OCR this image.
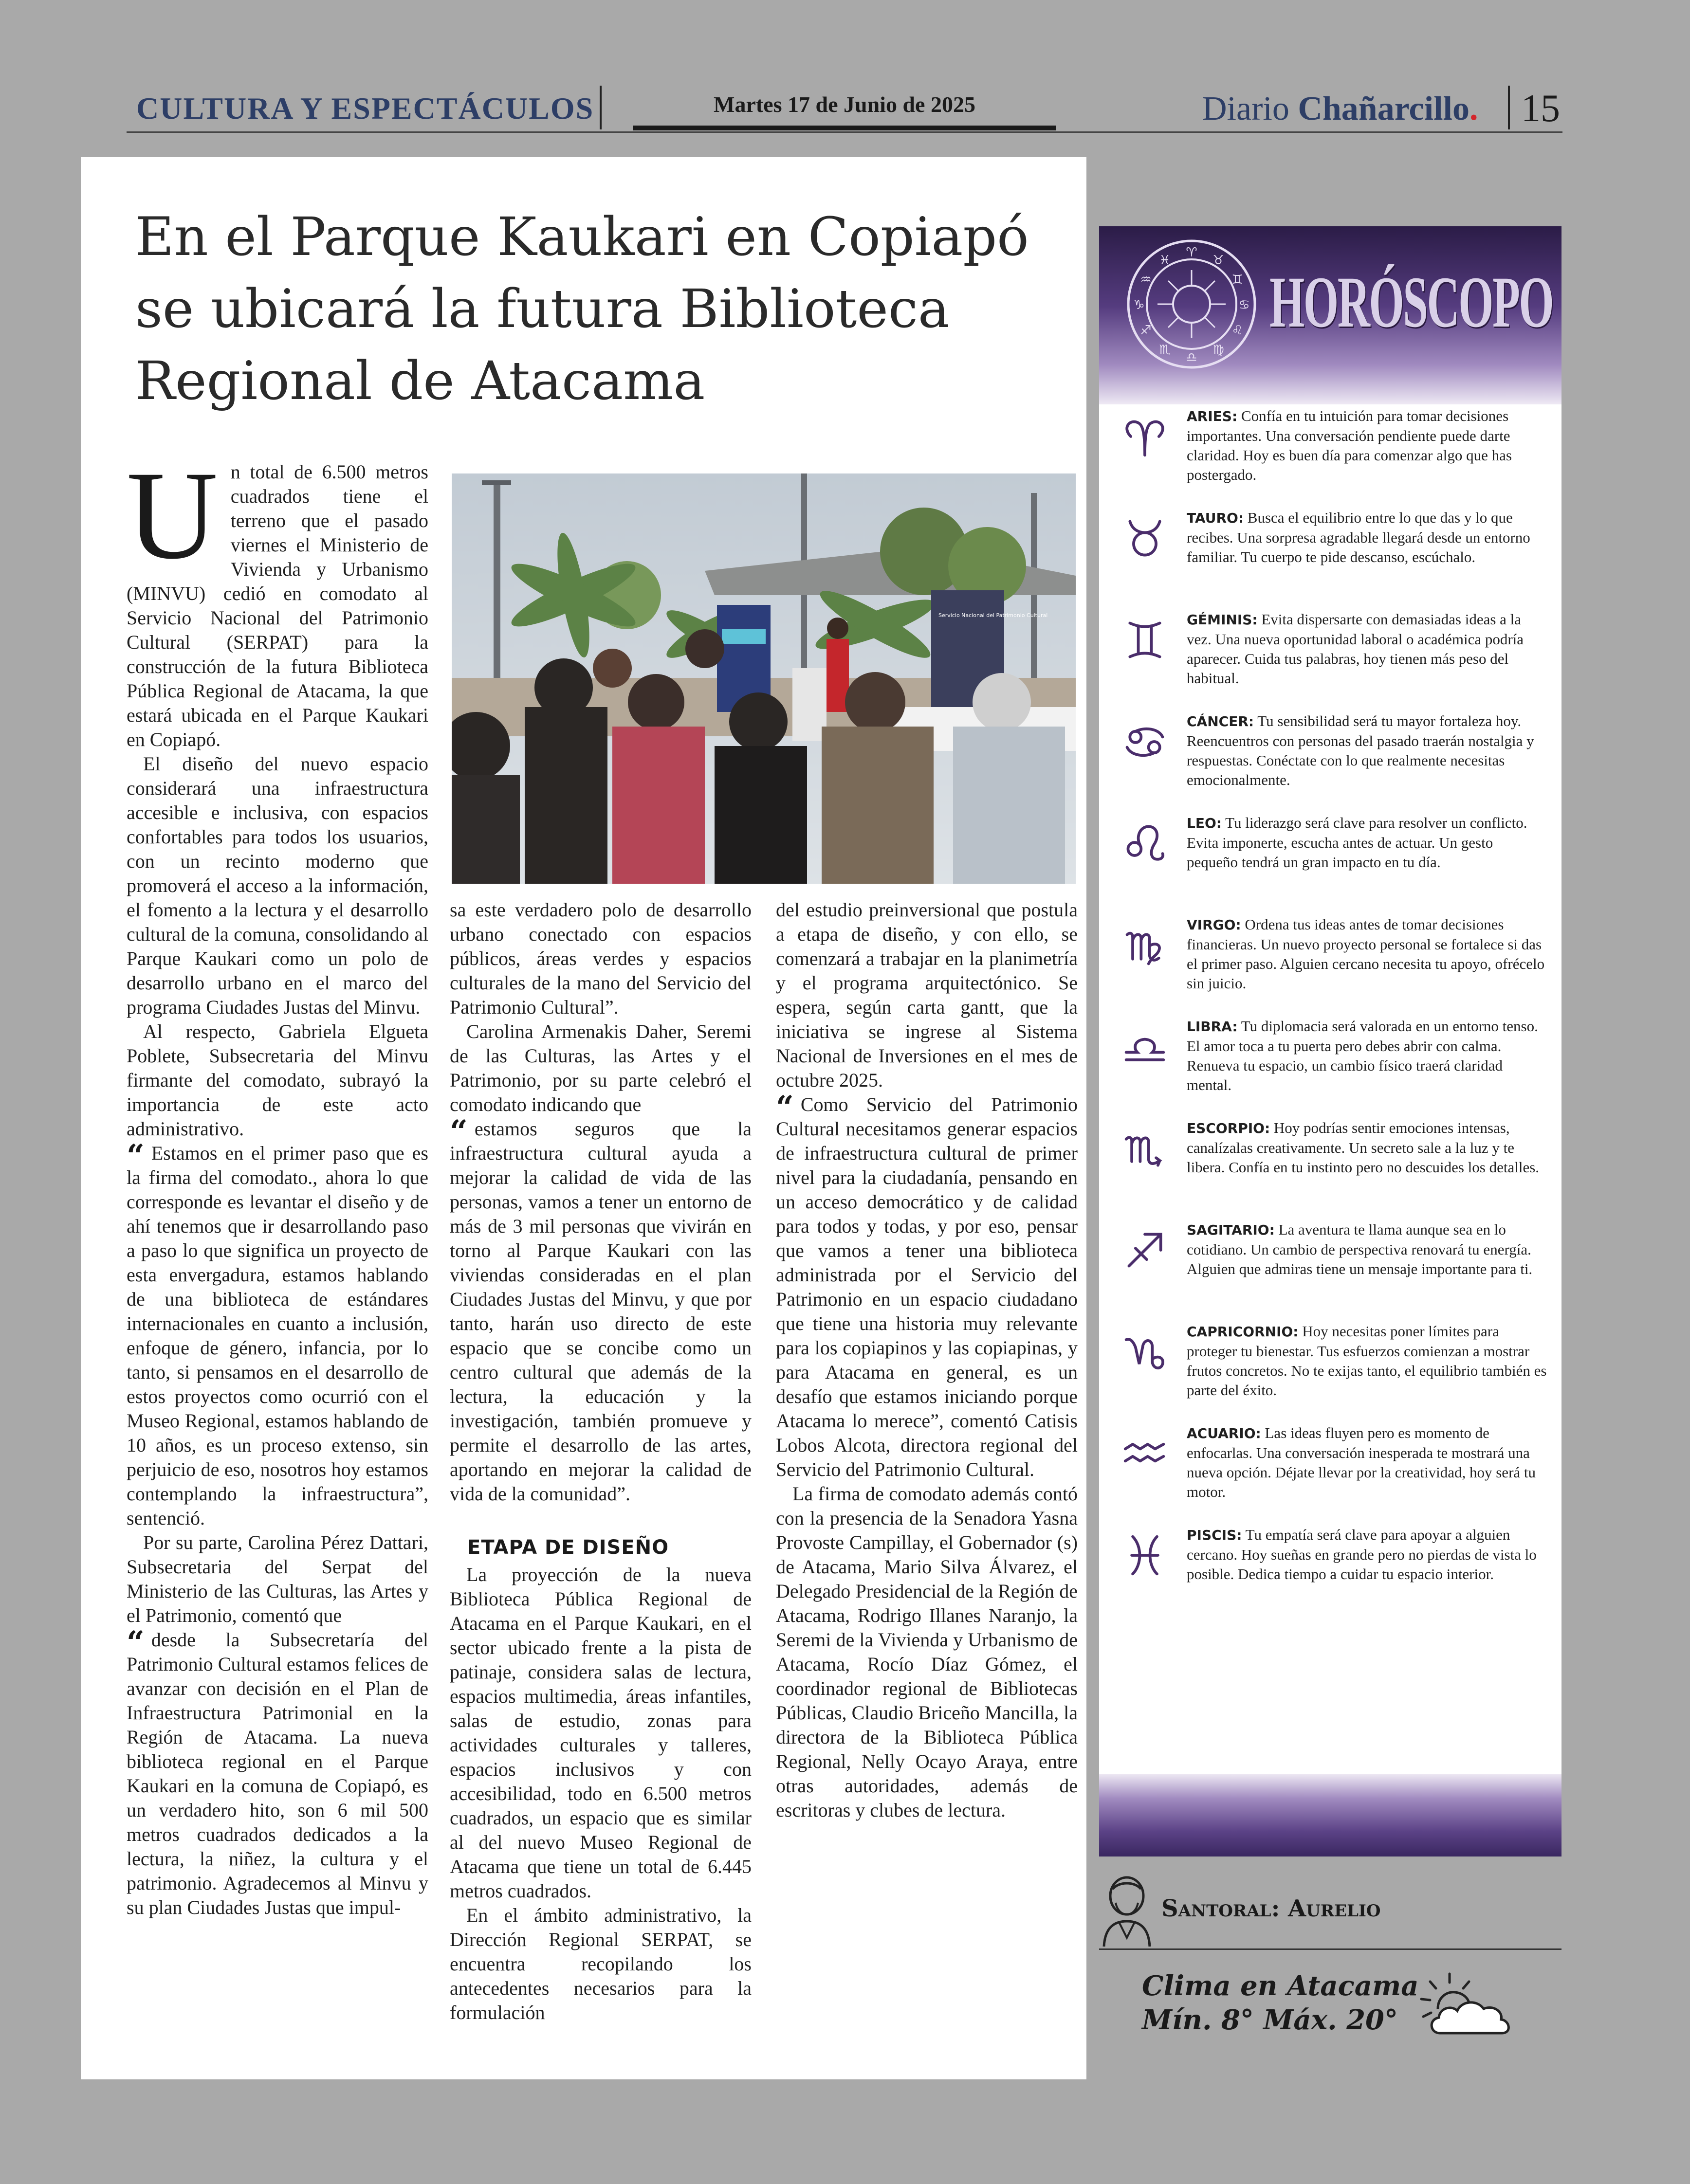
CULTURA Y ESPECTÁCULOS	Martes 17 de Junio de 2025	Diario Chañarcillo. 15
En el Parque Kaukari en Copiapó se ubicará la futura Biblioteca Regional de Atacama

Un total de 6.500 metros cuadrados tiene el terreno que el pasado viernes el Ministerio de Vivienda y Urbanismo (MINVU) cedió en comodato al Servicio Nacional del Patrimonio Cultural (SERPAT) para la construcción de la futura Biblioteca Pública Regional de Atacama, la que estará ubicada en el Parque Kaukari en Copiapó.

El diseño del nuevo espacio considerará una infraestructura accesible e inclusiva, con espacios confortables para todos los usuarios, con un recinto moderno que promoverá el acceso a la información, el fomento a la lectura y el desarrollo cultural de la comuna, consolidando al Parque Kaukari como un polo de desarrollo urbano en el marco del programa Ciudades Justas del Minvu.

Al respecto, Gabriela Elgueta Poblete, Subsecretaria del Minvu firmante del comodato, subrayó la importancia de este acto administrativo.

“ Estamos en el primer paso que es la firma del comodato., ahora lo que corresponde es levantar el diseño y de ahí tenemos que ir desarrollando paso a paso lo que significa un proyecto de esta envergadura, estamos hablando de una biblioteca de estándares internacionales en cuanto a inclusión, enfoque de género, infancia, por lo tanto, si pensamos en el desarrollo de estos proyectos como ocurrió con el Museo Regional, estamos hablando de 10 años, es un proceso extenso, sin perjuicio de eso, nosotros hoy estamos contemplando la infraestructura”, sentenció.

Por su parte, Carolina Pérez Dattari, Subsecretaria del Serpat del Ministerio de las Culturas, las Artes y el Patrimonio, comentó que

“ desde la Subsecretaría del Patrimonio Cultural estamos felices de avanzar con decisión en el Plan de Infraestructura Patrimonial en la Región de Atacama. La nueva biblioteca regional en el Parque Kaukari en la comuna de Copiapó, es un verdadero hito, son 6 mil 500 metros cuadrados dedicados a la lectura, la niñez, la cultura y el patrimonio. Agradecemos al Minvu y su plan Ciudades Justas que impul-

Servicio Nacional del Patrimonio Cultural

sa este verdadero polo de desarrollo urbano conectado con espacios públicos, áreas verdes y espacios culturales de la mano del Servicio del Patrimonio Cultural”.

Carolina Armenakis Daher, Seremi de las Culturas, las Artes y el Patrimonio, por su parte celebró el comodato indicando que

“ estamos seguros que la infraestructura cultural ayuda a mejorar la calidad de vida de las personas, vamos a tener un entorno de más de 3 mil personas que vivirán en torno al Parque Kaukari con las viviendas consideradas en el plan Ciudades Justas del Minvu, y que por tanto, harán uso directo de este espacio que se concibe como un centro cultural que además de la lectura, la educación y la investigación, también promueve y permite el desarrollo de las artes, aportando en mejorar la calidad de vida de la comunidad”.

ETAPA DE DISEÑO

La proyección de la nueva Biblioteca Pública Regional de Atacama en el Parque Kaukari, en el sector ubicado frente a la pista de patinaje, considera salas de lectura, espacios multimedia, áreas infantiles, salas de estudio, zonas para actividades culturales y talleres, espacios inclusivos y con accesibilidad, todo en 6.500 metros cuadrados, un espacio que es similar al del nuevo Museo Regional de Atacama que tiene un total de 6.445 metros cuadrados.

En el ámbito administrativo, la Dirección Regional SERPAT, se encuentra recopilando los antecedentes necesarios para la formulación

del estudio preinversional que postula a etapa de diseño, y con ello, se comenzará a trabajar en la planimetría y el programa arquitectónico. Se espera, según carta gantt, que la iniciativa se ingrese al Sistema Nacional de Inversiones en el mes de octubre 2025.

“ Como Servicio del Patrimonio Cultural necesitamos generar espacios de infraestructura cultural de primer nivel para la ciudadanía, pensando en un acceso democrático y de calidad para todos y todas, y por eso, pensar que vamos a tener una biblioteca administrada por el Servicio del Patrimonio en un espacio ciudadano que tiene una historia muy relevante para los copiapinos y las copiapinas, y para Atacama en general, es un desafío que estamos iniciando porque Atacama lo merece”, comentó Catisis Lobos Alcota, directora regional del Servicio del Patrimonio Cultural.

La firma de comodato además contó con la presencia de la Senadora Yasna Provoste Campillay, el Gobernador (s) de Atacama, Mario Silva Álvarez, el Delegado Presidencial de la Región de Atacama, Rodrigo Illanes Naranjo, la Seremi de la Vivienda y Urbanismo de Atacama, Rocío Díaz Gómez, el coordinador regional de Bibliotecas Públicas, Claudio Briceño Mancilla, la directora de la Biblioteca Pública Regional, Nelly Ocayo Araya, entre otras autoridades, además de escritoras y clubes de lectura.

♈
♉
♊
♋
♌
♍
♎
♏
♐
♑
♒
♓
HORÓSCOPO
ARIES: Confía en tu intuición para tomar decisiones importantes. Una conversación pendiente puede darte claridad. Hoy es buen día para comenzar algo que has postergado.
TAURO: Busca el equilibrio entre lo que das y lo que recibes. Una sorpresa agradable llegará desde un entorno familiar. Tu cuerpo te pide descanso, escúchalo.
GÉMINIS: Evita dispersarte con demasiadas ideas a la vez. Una nueva oportunidad laboral o académica podría aparecer. Cuida tus palabras, hoy tienen más peso del habitual.
CÁNCER: Tu sensibilidad será tu mayor fortaleza hoy. Reencuentros con personas del pasado traerán nostalgia y respuestas. Conéctate con lo que realmente necesitas emocionalmente.
LEO: Tu liderazgo será clave para resolver un conflicto. Evita imponerte, escucha antes de actuar. Un gesto pequeño tendrá un gran impacto en tu día.
VIRGO: Ordena tus ideas antes de tomar decisiones financieras. Un nuevo proyecto personal se fortalece si das el primer paso. Alguien cercano necesita tu apoyo, ofrécelo sin juicio.
LIBRA: Tu diplomacia será valorada en un entorno tenso. El amor toca a tu puerta pero debes abrir con calma. Renueva tu espacio, un cambio físico traerá claridad mental.
ESCORPIO: Hoy podrías sentir emociones intensas, canalízalas creativamente. Un secreto sale a la luz y te libera. Confía en tu instinto pero no descuides los detalles.
SAGITARIO: La aventura te llama aunque sea en lo cotidiano. Un cambio de perspectiva renovará tu energía. Alguien que admiras tiene un mensaje importante para ti.
CAPRICORNIO: Hoy necesitas poner límites para proteger tu bienestar. Tus esfuerzos comienzan a mostrar frutos concretos. No te exijas tanto, el equilibrio también es parte del éxito.
ACUARIO: Las ideas fluyen pero es momento de enfocarlas. Una conversación inesperada te mostrará una nueva opción. Déjate llevar por la creatividad, hoy será tu motor.
PISCIS: Tu empatía será clave para apoyar a alguien cercano. Hoy sueñas en grande pero no pierdas de vista lo posible. Dedica tiempo a cuidar tu espacio interior.
Santoral: Aurelio
Clima en Atacama
Mín. 8° Máx. 20°
